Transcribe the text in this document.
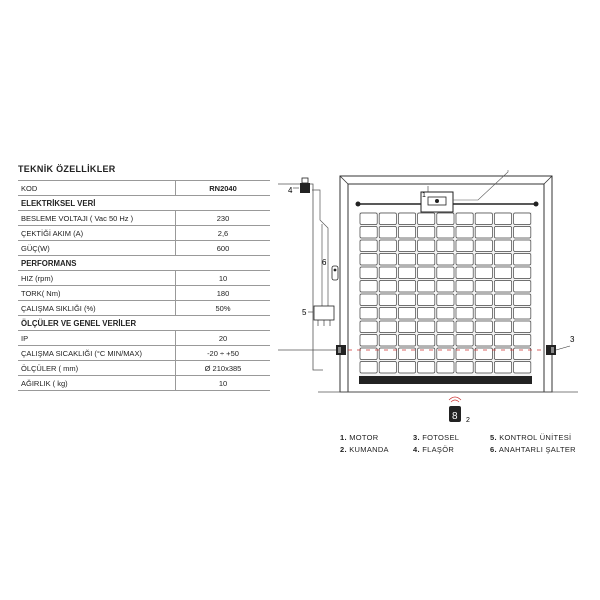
TEKNİK ÖZELLİKLER
KOD	RN2040
ELEKTRİKSEL VERİ	
BESLEME VOLTAJI ( Vac 50 Hz )	230
ÇEKTİĞİ AKIM (A)	2,6
GÜÇ(W)	600
PERFORMANS	
HIZ (rpm)	10
TORK( Nm)	180
ÇALIŞMA SIKLIĞI (%)	50%
ÖLÇÜLER VE GENEL VERİLER	
IP	20
ÇALIŞMA SICAKLIĞI (°C MIN/MAX)	-20 ÷ +50
ÖLÇÜLER ( mm)	Ø 210x385
AĞIRLIK ( kg)	10
1
4
6
5
3
8 2
1. MOTOR
2. KUMANDA
3. FOTOSEL
4. FLAŞÖR
5. KONTROL ÜNİTESİ
6. ANAHTARLI ŞALTER
